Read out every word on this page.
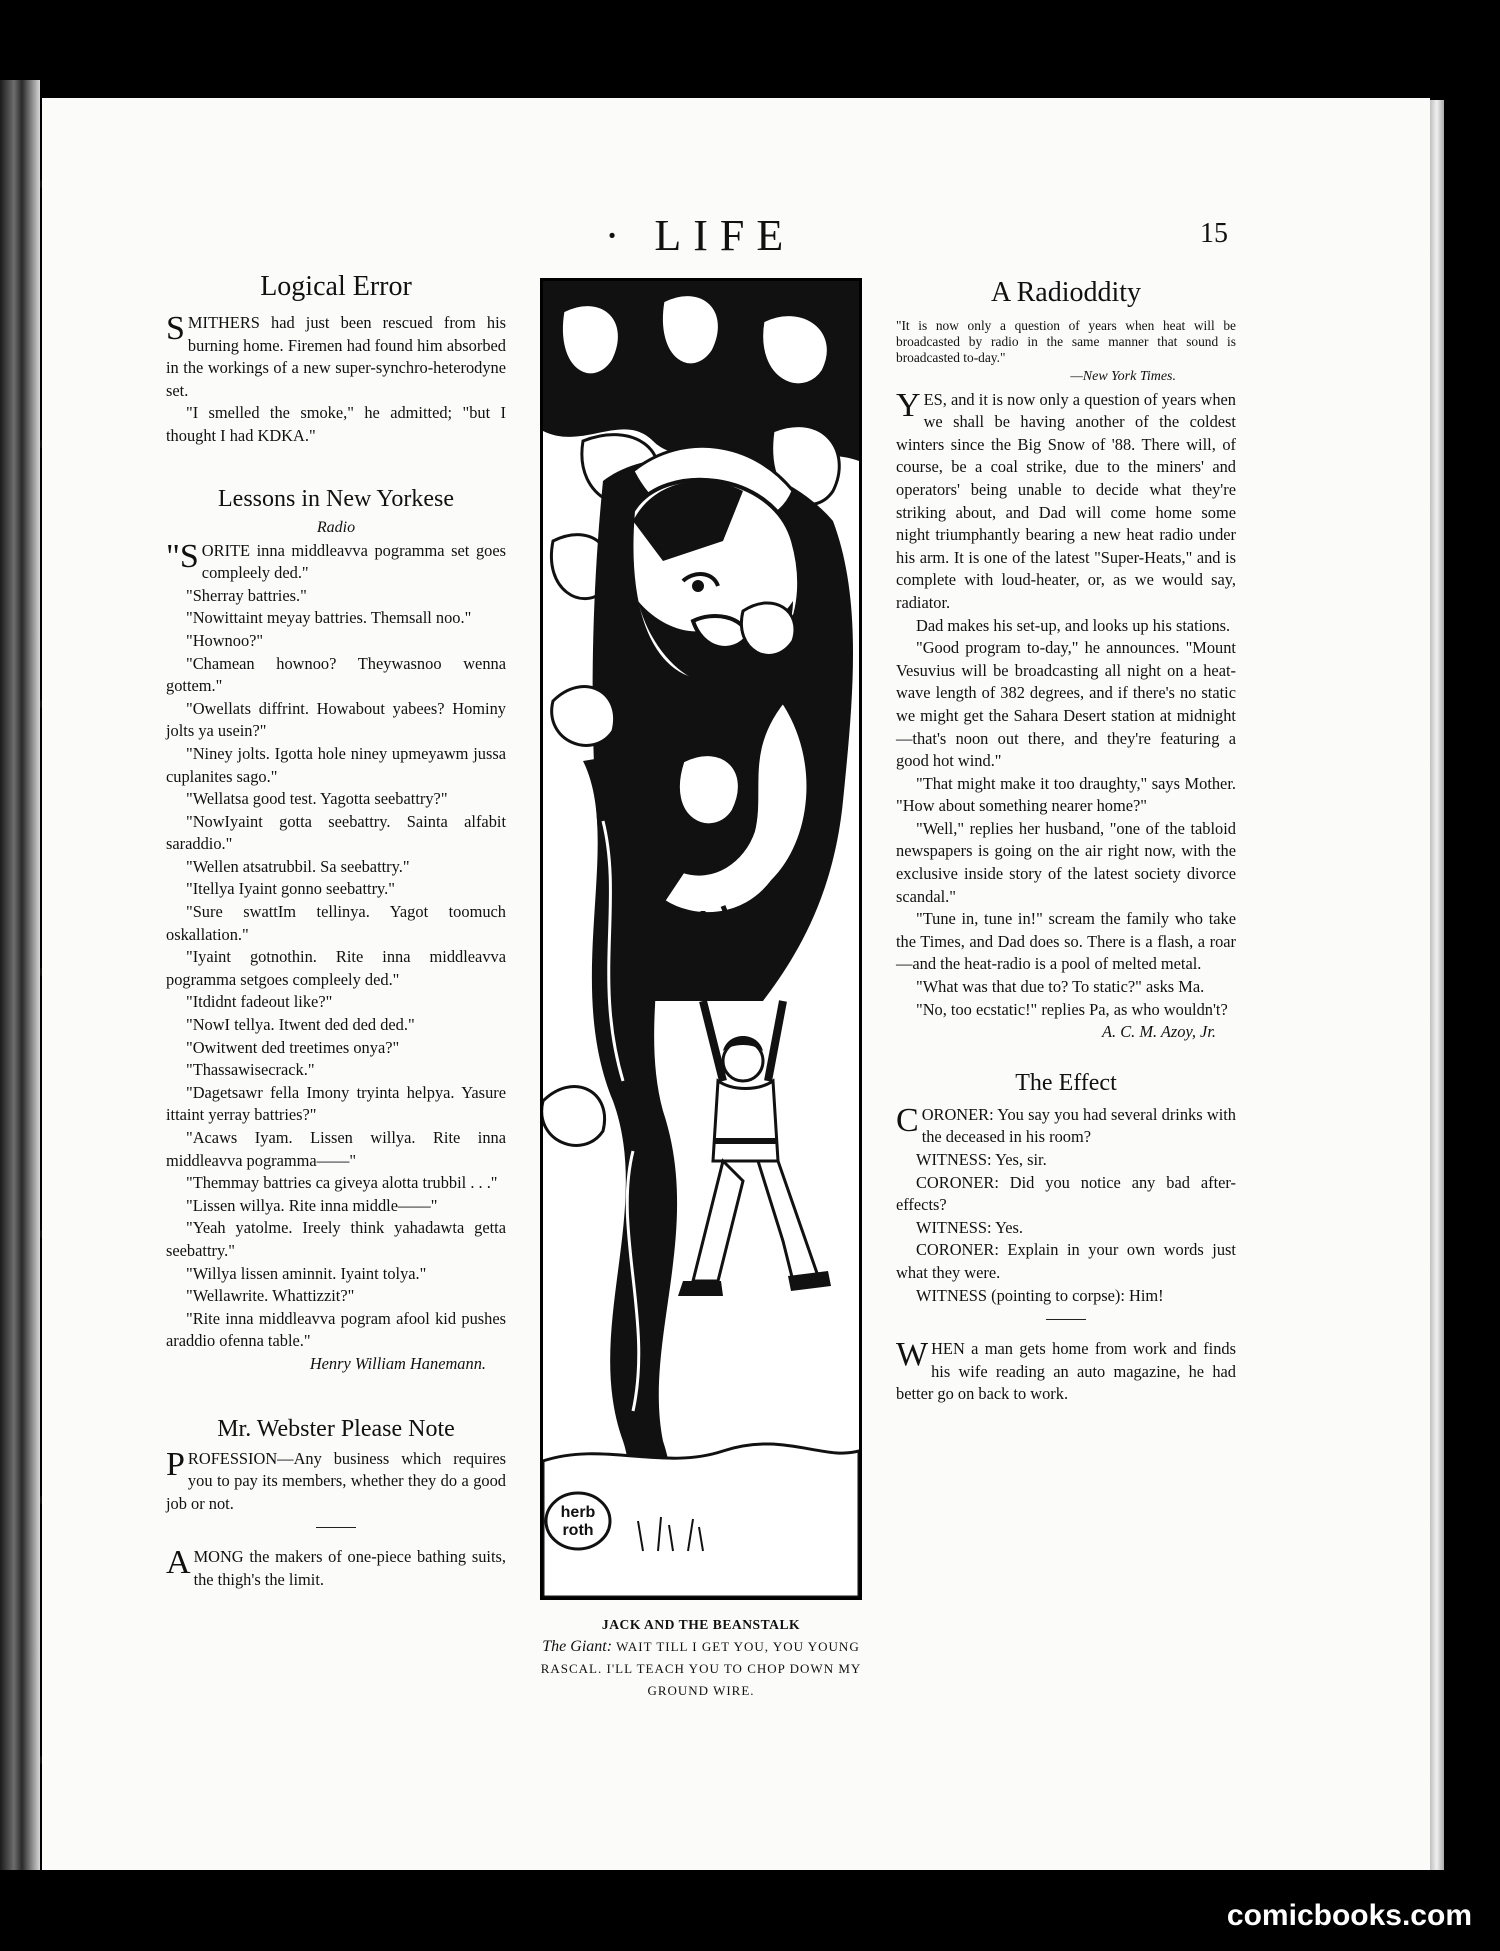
· LIFE	15
Logical Error

SMITHERS had just been rescued from his burning home. Firemen had found him absorbed in the workings of a new super-synchro-heterodyne set.

"I smelled the smoke," he admitted; "but I thought I had KDKA."

Lessons in New Yorkese
Radio

"SORITE inna middleavva pogramma set goes compleely ded."

"Sherray battries."

"Nowittaint meyay battries. Themsall noo."

"Hownoo?"

"Chamean hownoo? Theywasnoo wenna gottem."

"Owellats diffrint. Howabout yabees? Hominy jolts ya usein?"

"Niney jolts. Igotta hole niney upmeyawm jussa cuplanites sago."

"Wellatsa good test. Yagotta seebattry?"

"NowIyaint gotta seebattry. Sainta alfabit saraddio."

"Wellen atsatrubbil. Sa seebattry."

"Itellya Iyaint gonno seebattry."

"Sure swattIm tellinya. Yagot toomuch oskallation."

"Iyaint gotnothin. Rite inna middleavva pogramma setgoes compleely ded."

"Itdidnt fadeout like?"

"NowI tellya. Itwent ded ded ded."

"Owitwent ded treetimes onya?"

"Thassawisecrack."

"Dagetsawr fella Imony tryinta helpya. Yasure ittaint yerray battries?"

"Acaws Iyam. Lissen willya. Rite inna middleavva pogramma——"

"Themmay battries ca giveya alotta trubbil . . ."

"Lissen willya. Rite inna middle——"

"Yeah yatolme. Ireely think yahadawta getta seebattry."

"Willya lissen aminnit. Iyaint tolya."

"Wellawrite. Whattizzit?"

"Rite inna middleavva pogram afool kid pushes araddio ofenna table."

Henry William Hanemann.

Mr. Webster Please Note

PROFESSION—Any business which requires you to pay its members, whether they do a good job or not.

AMONG the makers of one-piece bathing suits, the thigh's the limit.

herb
roth
JACK AND THE BEANSTALK
The Giant: WAIT TILL I GET YOU, YOU YOUNG RASCAL. I'LL TEACH YOU TO CHOP DOWN MY GROUND WIRE.
A Radioddity

"It is now only a question of years when heat will be broadcasted by radio in the same manner that sound is broadcasted to-day."

—New York Times.

YES, and it is now only a question of years when we shall be having another of the coldest winters since the Big Snow of '88. There will, of course, be a coal strike, due to the miners' and operators' being unable to decide what they're striking about, and Dad will come home some night triumphantly bearing a new heat radio under his arm. It is one of the latest "Super-Heats," and is complete with loud-heater, or, as we would say, radiator.

Dad makes his set-up, and looks up his stations.

"Good program to-day," he announces. "Mount Vesuvius will be broadcasting all night on a heat-wave length of 382 degrees, and if there's no static we might get the Sahara Desert station at midnight—that's noon out there, and they're featuring a good hot wind."

"That might make it too draughty," says Mother. "How about something nearer home?"

"Well," replies her husband, "one of the tabloid newspapers is going on the air right now, with the exclusive inside story of the latest society divorce scandal."

"Tune in, tune in!" scream the family who take the Times, and Dad does so. There is a flash, a roar—and the heat-radio is a pool of melted metal.

"What was that due to? To static?" asks Ma.

"No, too ecstatic!" replies Pa, as who wouldn't?

A. C. M. Azoy, Jr.

The Effect

CORONER: You say you had several drinks with the deceased in his room?

WITNESS: Yes, sir.

CORONER: Did you notice any bad after-effects?

WITNESS: Yes.

CORONER: Explain in your own words just what they were.

WITNESS (pointing to corpse): Him!

WHEN a man gets home from work and finds his wife reading an auto magazine, he had better go on back to work.

comicbooks.com
